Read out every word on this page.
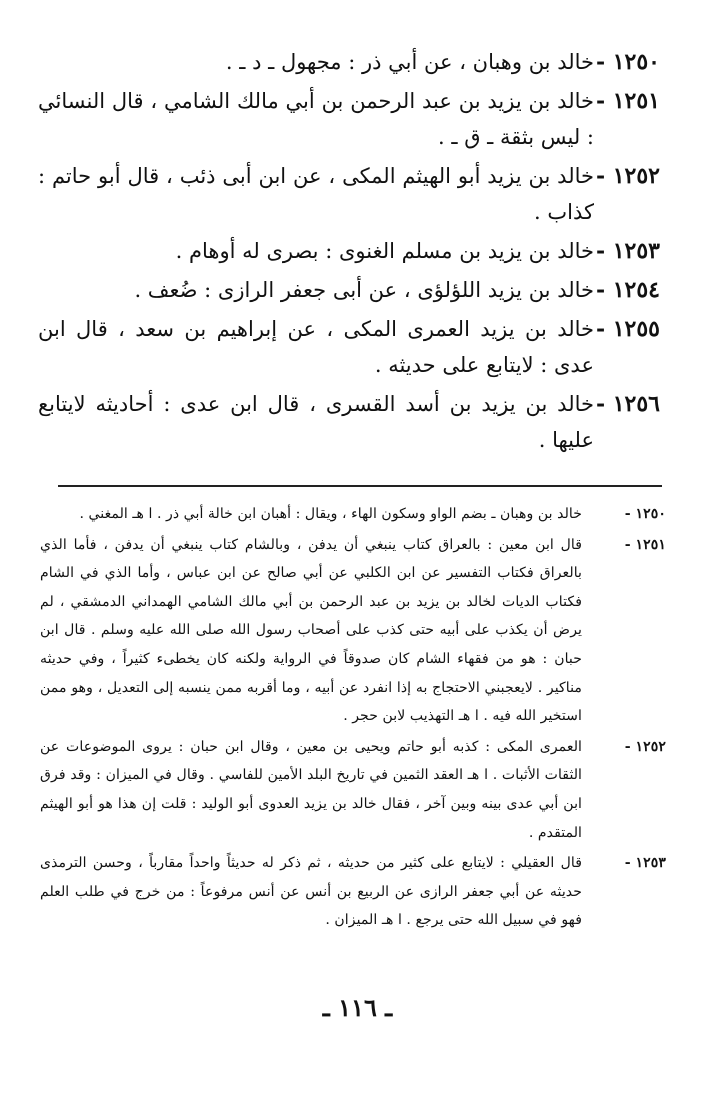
١٢٥٠ -
خالد بن وهبان ، عن أبي ذر : مجهول ـ د ـ .
١٢٥١ -
خالد بن يزيد بن عبد الرحمن بن أبي مالك الشامي ، قال النسائي : ليس بثقة ـ ق ـ .
١٢٥٢ -
خالد بن يزيد أبو الهيثم المكى ، عن ابن أبى ذئب ، قال أبو حاتم : كذاب .
١٢٥٣ -
خالد بن يزيد بن مسلم الغنوى : بصرى له أوهام .
١٢٥٤ -
خالد بن يزيد اللؤلؤى ، عن أبى جعفر الرازى : ضُعف .
١٢٥٥ -
خالد بن يزيد العمرى المكى ، عن إبراهيم بن سعد ، قال ابن عدى : لايتابع على حديثه .
١٢٥٦ -
خالد بن يزيد بن أسد القسرى ، قال ابن عدى : أحاديثه لايتابع عليها .
١٢٥٠ -
خالد بن وهبان ـ بضم الواو وسكون الهاء ، ويقال : أهبان ابن خالة أبي ذر . ا هـ المغني .
١٢٥١ -
قال ابن معين : بالعراق كتاب ينبغي أن يدفن ، وبالشام كتاب ينبغي أن يدفن ، فأما الذي بالعراق فكتاب التفسير عن ابن الكلبي عن أبي صالح عن ابن عباس ، وأما الذي في الشام فكتاب الديات لخالد بن يزيد بن عبد الرحمن بن أبي مالك الشامي الهمداني الدمشقي ، لم يرض أن يكذب على أبيه حتى كذب على أصحاب رسول الله صلى الله عليه وسلم . قال ابن حبان : هو من فقهاء الشام كان صدوقاً في الرواية ولكنه كان يخطىء كثيراً ، وفي حديثه مناكير . لايعجبني الاحتجاج به إذا انفرد عن أبيه ، وما أقربه ممن ينسبه إلى التعديل ، وهو ممن استخير الله فيه . ا هـ التهذيب لابن حجر .
١٢٥٢ -
العمرى المكى : كذبه أبو حاتم ويحيى بن معين ، وقال ابن حبان : يروى الموضوعات عن الثقات الأثبات . ا هـ العقد الثمين في تاريخ البلد الأمين للفاسي . وقال في الميزان : وقد فرق ابن أبي عدى بينه وبين آخر ، فقال خالد بن يزيد العدوى أبو الوليد : قلت إن هذا هو أبو الهيثم المتقدم .
١٢٥٣ -
قال العقيلي : لايتابع على كثير من حديثه ، ثم ذكر له حديثاً واحداً مقارباً ، وحسن الترمذى حديثه عن أبي جعفر الرازى عن الربيع بن أنس عن أنس مرفوعاً : من خرج في طلب العلم فهو في سبيل الله حتى يرجع . ا هـ الميزان .
ـ ١١٦ ـ
